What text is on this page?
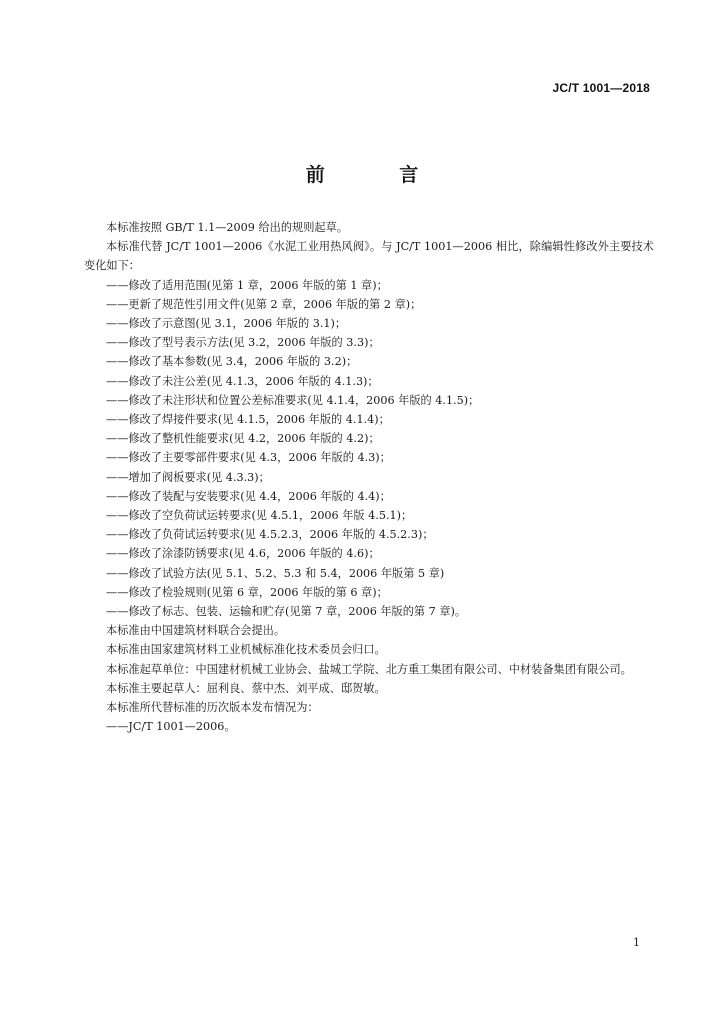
JC/T 1001—2018
前 言

本标准按照 GB/T 1.1—2009 给出的规则起草。

本标准代替 JC/T 1001—2006《水泥工业用热风阀》。与 JC/T 1001—2006 相比，除编辑性修改外主要技术变化如下：

——修改了适用范围(见第 1 章，2006 年版的第 1 章)；

——更新了规范性引用文件(见第 2 章，2006 年版的第 2 章)；

——修改了示意图(见 3.1，2006 年版的 3.1)；

——修改了型号表示方法(见 3.2，2006 年版的 3.3)；

——修改了基本参数(见 3.4，2006 年版的 3.2)；

——修改了未注公差(见 4.1.3，2006 年版的 4.1.3)；

——修改了未注形状和位置公差标准要求(见 4.1.4，2006 年版的 4.1.5)；

——修改了焊接件要求(见 4.1.5，2006 年版的 4.1.4)；

——修改了整机性能要求(见 4.2，2006 年版的 4.2)；

——修改了主要零部件要求(见 4.3，2006 年版的 4.3)；

——增加了阀板要求(见 4.3.3)；

——修改了装配与安装要求(见 4.4，2006 年版的 4.4)；

——修改了空负荷试运转要求(见 4.5.1，2006 年版 4.5.1)；

——修改了负荷试运转要求(见 4.5.2.3，2006 年版的 4.5.2.3)；

——修改了涂漆防锈要求(见 4.6，2006 年版的 4.6)；

——修改了试验方法(见 5.1、5.2、5.3 和 5.4，2006 年版第 5 章)

——修改了检验规则(见第 6 章，2006 年版的第 6 章)；

——修改了标志、包装、运输和贮存(见第 7 章，2006 年版的第 7 章)。

本标准由中国建筑材料联合会提出。

本标准由国家建筑材料工业机械标准化技术委员会归口。

本标准起草单位：中国建材机械工业协会、盐城工学院、北方重工集团有限公司、中材装备集团有限公司。

本标准主要起草人：屈利良、蔡中杰、刘平成、邸贺敏。

本标准所代替标准的历次版本发布情况为：

——JC/T 1001—2006。

1
